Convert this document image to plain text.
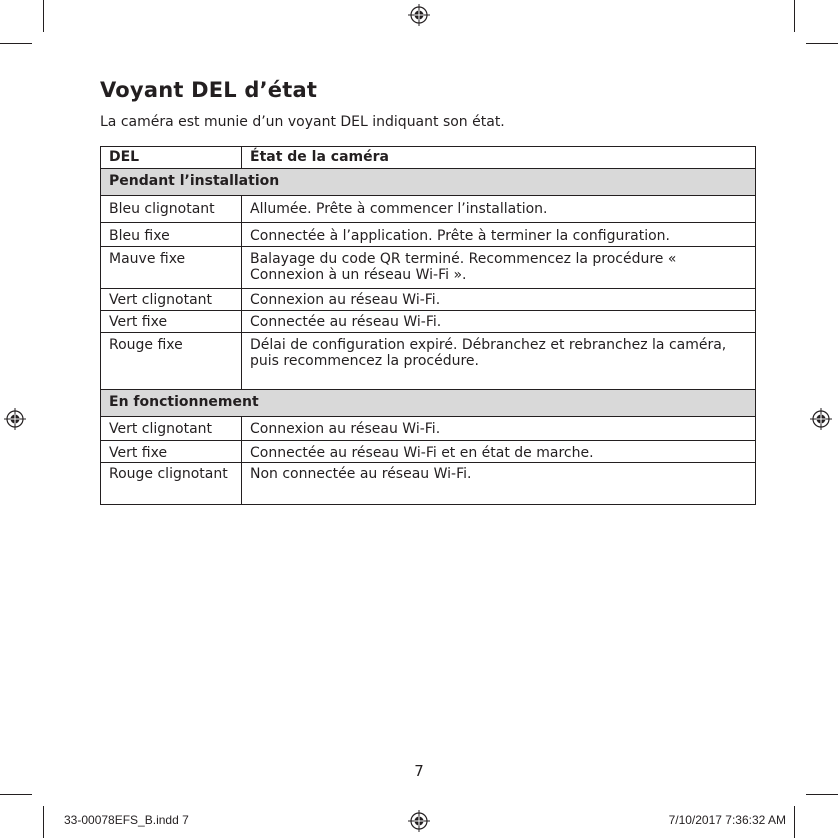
Voyant DEL d’état

La caméra est munie d’un voyant DEL indiquant son état.

DEL	État de la caméra
Pendant l’installation	
Bleu clignotant	Allumée. Prête à commencer l’installation.
Bleu fixe	Connectée à l’application. Prête à terminer la configuration.
Mauve fixe	Balayage du code QR terminé. Recommencez la procédure « Connexion à un réseau Wi-Fi ».
Vert clignotant	Connexion au réseau Wi-Fi.
Vert fixe	Connectée au réseau Wi-Fi.
Rouge fixe	Délai de configuration expiré. Débranchez et rebranchez la caméra, puis recommencez la procédure.
En fonctionnement	
Vert clignotant	Connexion au réseau Wi-Fi.
Vert fixe	Connectée au réseau Wi-Fi et en état de marche.
Rouge clignotant	Non connectée au réseau Wi-Fi.
7
33-00078EFS_B.indd 7	7/10/2017 7:36:32 AM
